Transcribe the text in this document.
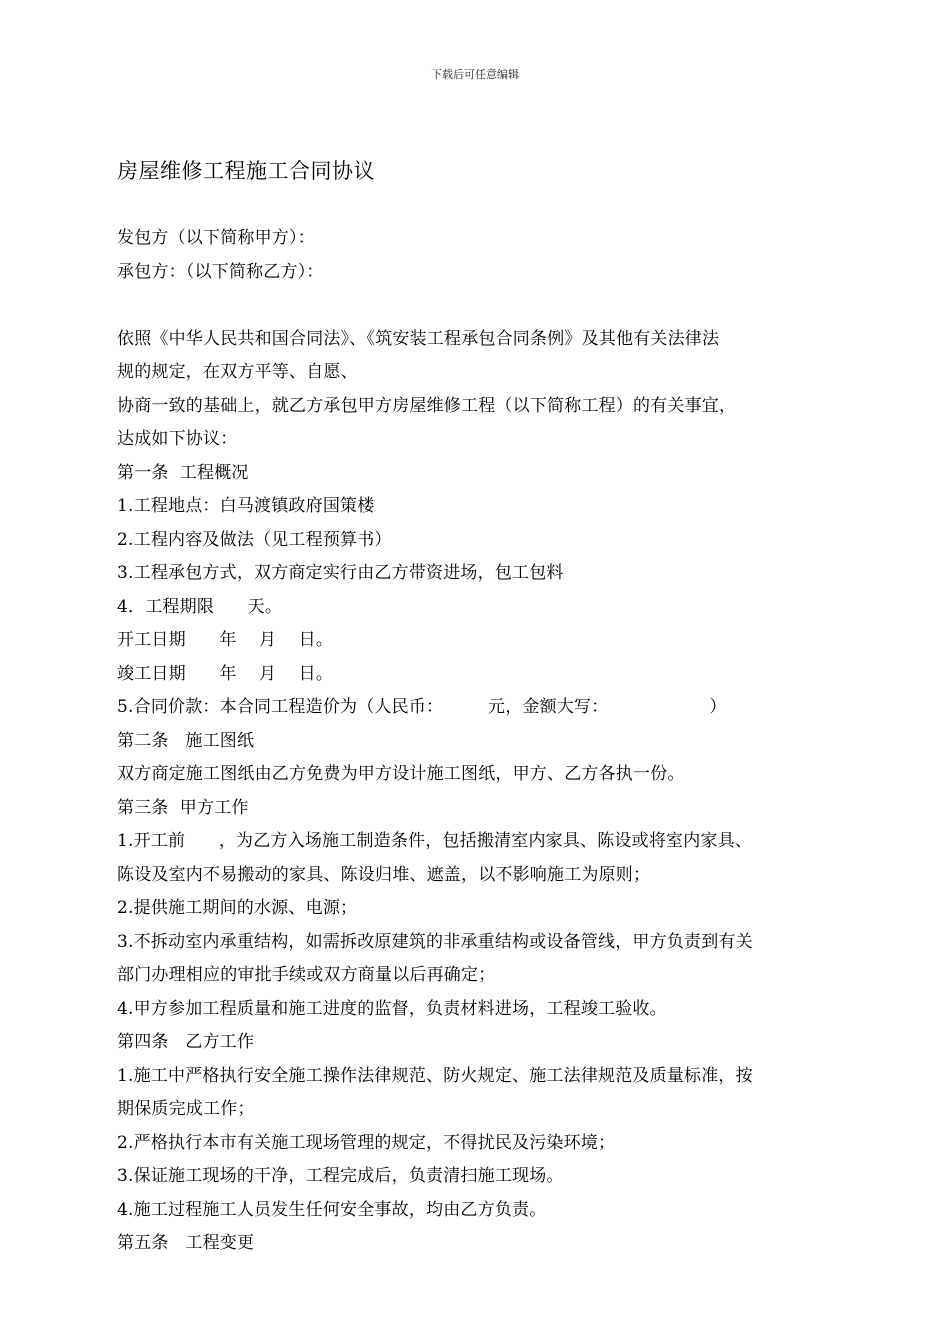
下载后可任意编辑
房屋维修工程施工合同协议
发包方（以下简称甲方）：
承包方：（以下简称乙方）：
依照《中华人民共和国合同法》、《筑安装工程承包合同条例》及其他有关法律法
规的规定，在双方平等、自愿、
协商一致的基础上，就乙方承包甲方房屋维修工程（以下简称工程）的有关事宜，
达成如下协议：
第一条  工程概况
1.工程地点：白马渡镇政府国策楼
2.工程内容及做法（见工程预算书）
3.工程承包方式，双方商定实行由乙方带资进场，包工包料
4．工程期限      天。
开工日期      年    月    日。
竣工日期      年    月    日。
5.合同价款：本合同工程造价为（人民币：        元，金额大写：                  ）
第二条   施工图纸
双方商定施工图纸由乙方免费为甲方设计施工图纸，甲方、乙方各执一份。
第三条  甲方工作
1.开工前      ，为乙方入场施工制造条件，包括搬清室内家具、陈设或将室内家具、
陈设及室内不易搬动的家具、陈设归堆、遮盖，以不影响施工为原则；
2.提供施工期间的水源、电源；
3.不拆动室内承重结构，如需拆改原建筑的非承重结构或设备管线，甲方负责到有关
部门办理相应的审批手续或双方商量以后再确定；
4.甲方参加工程质量和施工进度的监督，负责材料进场，工程竣工验收。
第四条   乙方工作
1.施工中严格执行安全施工操作法律规范、防火规定、施工法律规范及质量标准，按
期保质完成工作；
2.严格执行本市有关施工现场管理的规定，不得扰民及污染环境；
3.保证施工现场的干净，工程完成后，负责清扫施工现场。
4.施工过程施工人员发生任何安全事故，均由乙方负责。
第五条   工程变更
